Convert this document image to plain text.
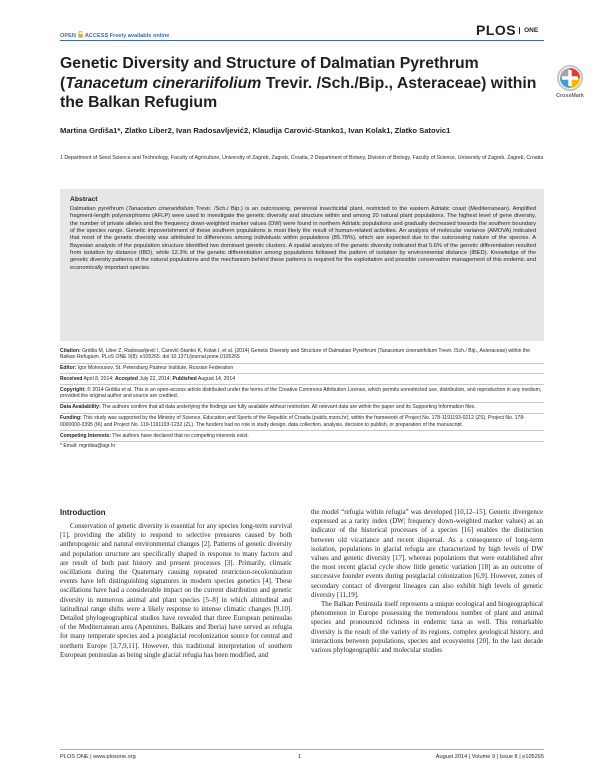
OPEN ACCESS Freely available online	PLOS $^{ONE}$
Genetic Diversity and Structure of Dalmatian Pyrethrum (Tanacetum cinerariifolium Trevir. /Sch./Bip., Asteraceae) within the Balkan Refugium	CrossMark
Martina Grdiša1*, Zlatko Liber2, Ivan Radosavljević2, Klaudija Carović-Stanko1, Ivan Kolak1, Zlatko Satovic1
1 Department of Seed Science and Technology, Faculty of Agriculture, University of Zagreb, Zagreb, Croatia, 2 Department of Botany, Division of Biology, Faculty of Science, University of Zagreb, Zagreb, Croatia
Abstract

Dalmatian pyrethrum (Tanacetum cinerariifolium Trevir. /Sch./ Bip.) is an outcrossing, perennial insecticidal plant, restricted to the eastern Adriatic coast (Mediterranean). Amplified fragment-length polymorphisms (AFLP) were used to investigate the genetic diversity and structure within and among 20 natural plant populations. The highest level of gene diversity, the number of private alleles and the frequency down-weighted marker values (DW) were found in northern Adriatic populations and gradually decreased towards the southern boundary of the species range. Genetic impoverishment of these southern populations is most likely the result of human-related activities. An analysis of molecular variance (AMOVA) indicated that most of the genetic diversity was attributed to differences among individuals within populations (85.78%), which are expected due to the outcrossing nature of the species. A Bayesian analysis of the population structure identified two dominant genetic clusters. A spatial analysis of the genetic diversity indicated that 5.6% of the genetic differentiation resulted from isolation by distance (IBD), while 12.3% of the genetic differentiation among populations followed the pattern of isolation by environmental distance (IBED). Knowledge of the genetic diversity patterns of the natural populations and the mechanism behind these patterns is required for the exploitation and possible conservation management of this endemic and economically important species.

Citation: Grdiša M, Liber Z, Radosavljević I, Carović-Stanko K, Kolak I, et al. (2014) Genetic Diversity and Structure of Dalmatian Pyrethrum (Tanacetum cinerariifolium Trevir. /Sch./ Bip., Asteraceae) within the Balkan Refugium. PLoS ONE 9(8): e105265. doi:10.1371/journal.pone.0105265
Editor: Igor Mokrousov, St. Petersburg Pasteur Institute, Russian Federation
Received April 8, 2014; Accepted July 22, 2014; Published August 14, 2014
Copyright: © 2014 Grdiša et al. This is an open-access article distributed under the terms of the Creative Commons Attribution License, which permits unrestricted use, distribution, and reproduction in any medium, provided the original author and source are credited.
Data Availability: The authors confirm that all data underlying the findings are fully available without restriction. All relevant data are within the paper and its Supporting Information files.
Funding: This study was supported by the Ministry of Science, Education and Sports of the Republic of Croatia (public.mzos.hr), within the framework of Project No. 178-1191193-0212 (ZS), Project No. 178-0000000-3395 (IK) and Project No. 119-1191193-1232 (ZL). The funders had no role in study design, data collection, analysis, decision to publish, or preparation of the manuscript.
Competing Interests: The authors have declared that no competing interests exist.
* Email: mgrdisa@agr.hr
Introduction

Conservation of genetic diversity is essential for any species long-term survival [1], providing the ability to respond to selective pressures caused by both anthropogenic and natural environmental changes [2]. Patterns of genetic diversity and population structure are specifically shaped in response to many factors and are result of both past history and present processes [3]. Primarily, climatic oscillations during the Quaternary causing repeated restriction-recolonization events have left distinguishing signatures in modern species genetics [4]. These oscillations have had a considerable impact on the current distribution and genetic diversity in numerous animal and plant species [5–8] in which altitudinal and latitudinal range shifts were a likely response to intense climatic changes [9,10]. Detailed phylogeographical studies have revealed that three European peninsulas of the Mediterranean area (Apennines, Balkans and Iberia) have served as refugia for many temperate species and a postglacial recolonization source for central and northern Europe [3,7,9,11]. However, this traditional interpretation of southern European peninsulas as being single glacial refugia has been modified, and

the model “refugia within refugia” was developed [10,12–15]. Genetic divergence expressed as a rarity index (DW; frequency down-weighted marker values) as an indicator of the historical processes of a species [16] enables the distinction between old vicariance and recent dispersal. As a consequence of long-term isolation, populations in glacial refugia are characterized by high levels of DW values and genetic diversity [17], whereas populations that were established after the most recent glacial cycle show little genetic variation [18] as an outcome of successive founder events during postglacial colonization [6,9]. However, zones of secondary contact of divergent lineages can also exhibit high levels of genetic diversity [11,19].

The Balkan Peninsula itself represents a unique ecological and biogeographical phenomenon in Europe possessing the tremendous number of plant and animal species and pronounced richness in endemic taxa as well. This remarkable diversity is the result of the variety of its regions, complex geological history, and interactions between populations, species and ecosystems [20]. In the last decade various phylogeographic and molecular studies

PLOS ONE | www.plosone.org	1	August 2014 | Volume 9 | Issue 8 | e105265
